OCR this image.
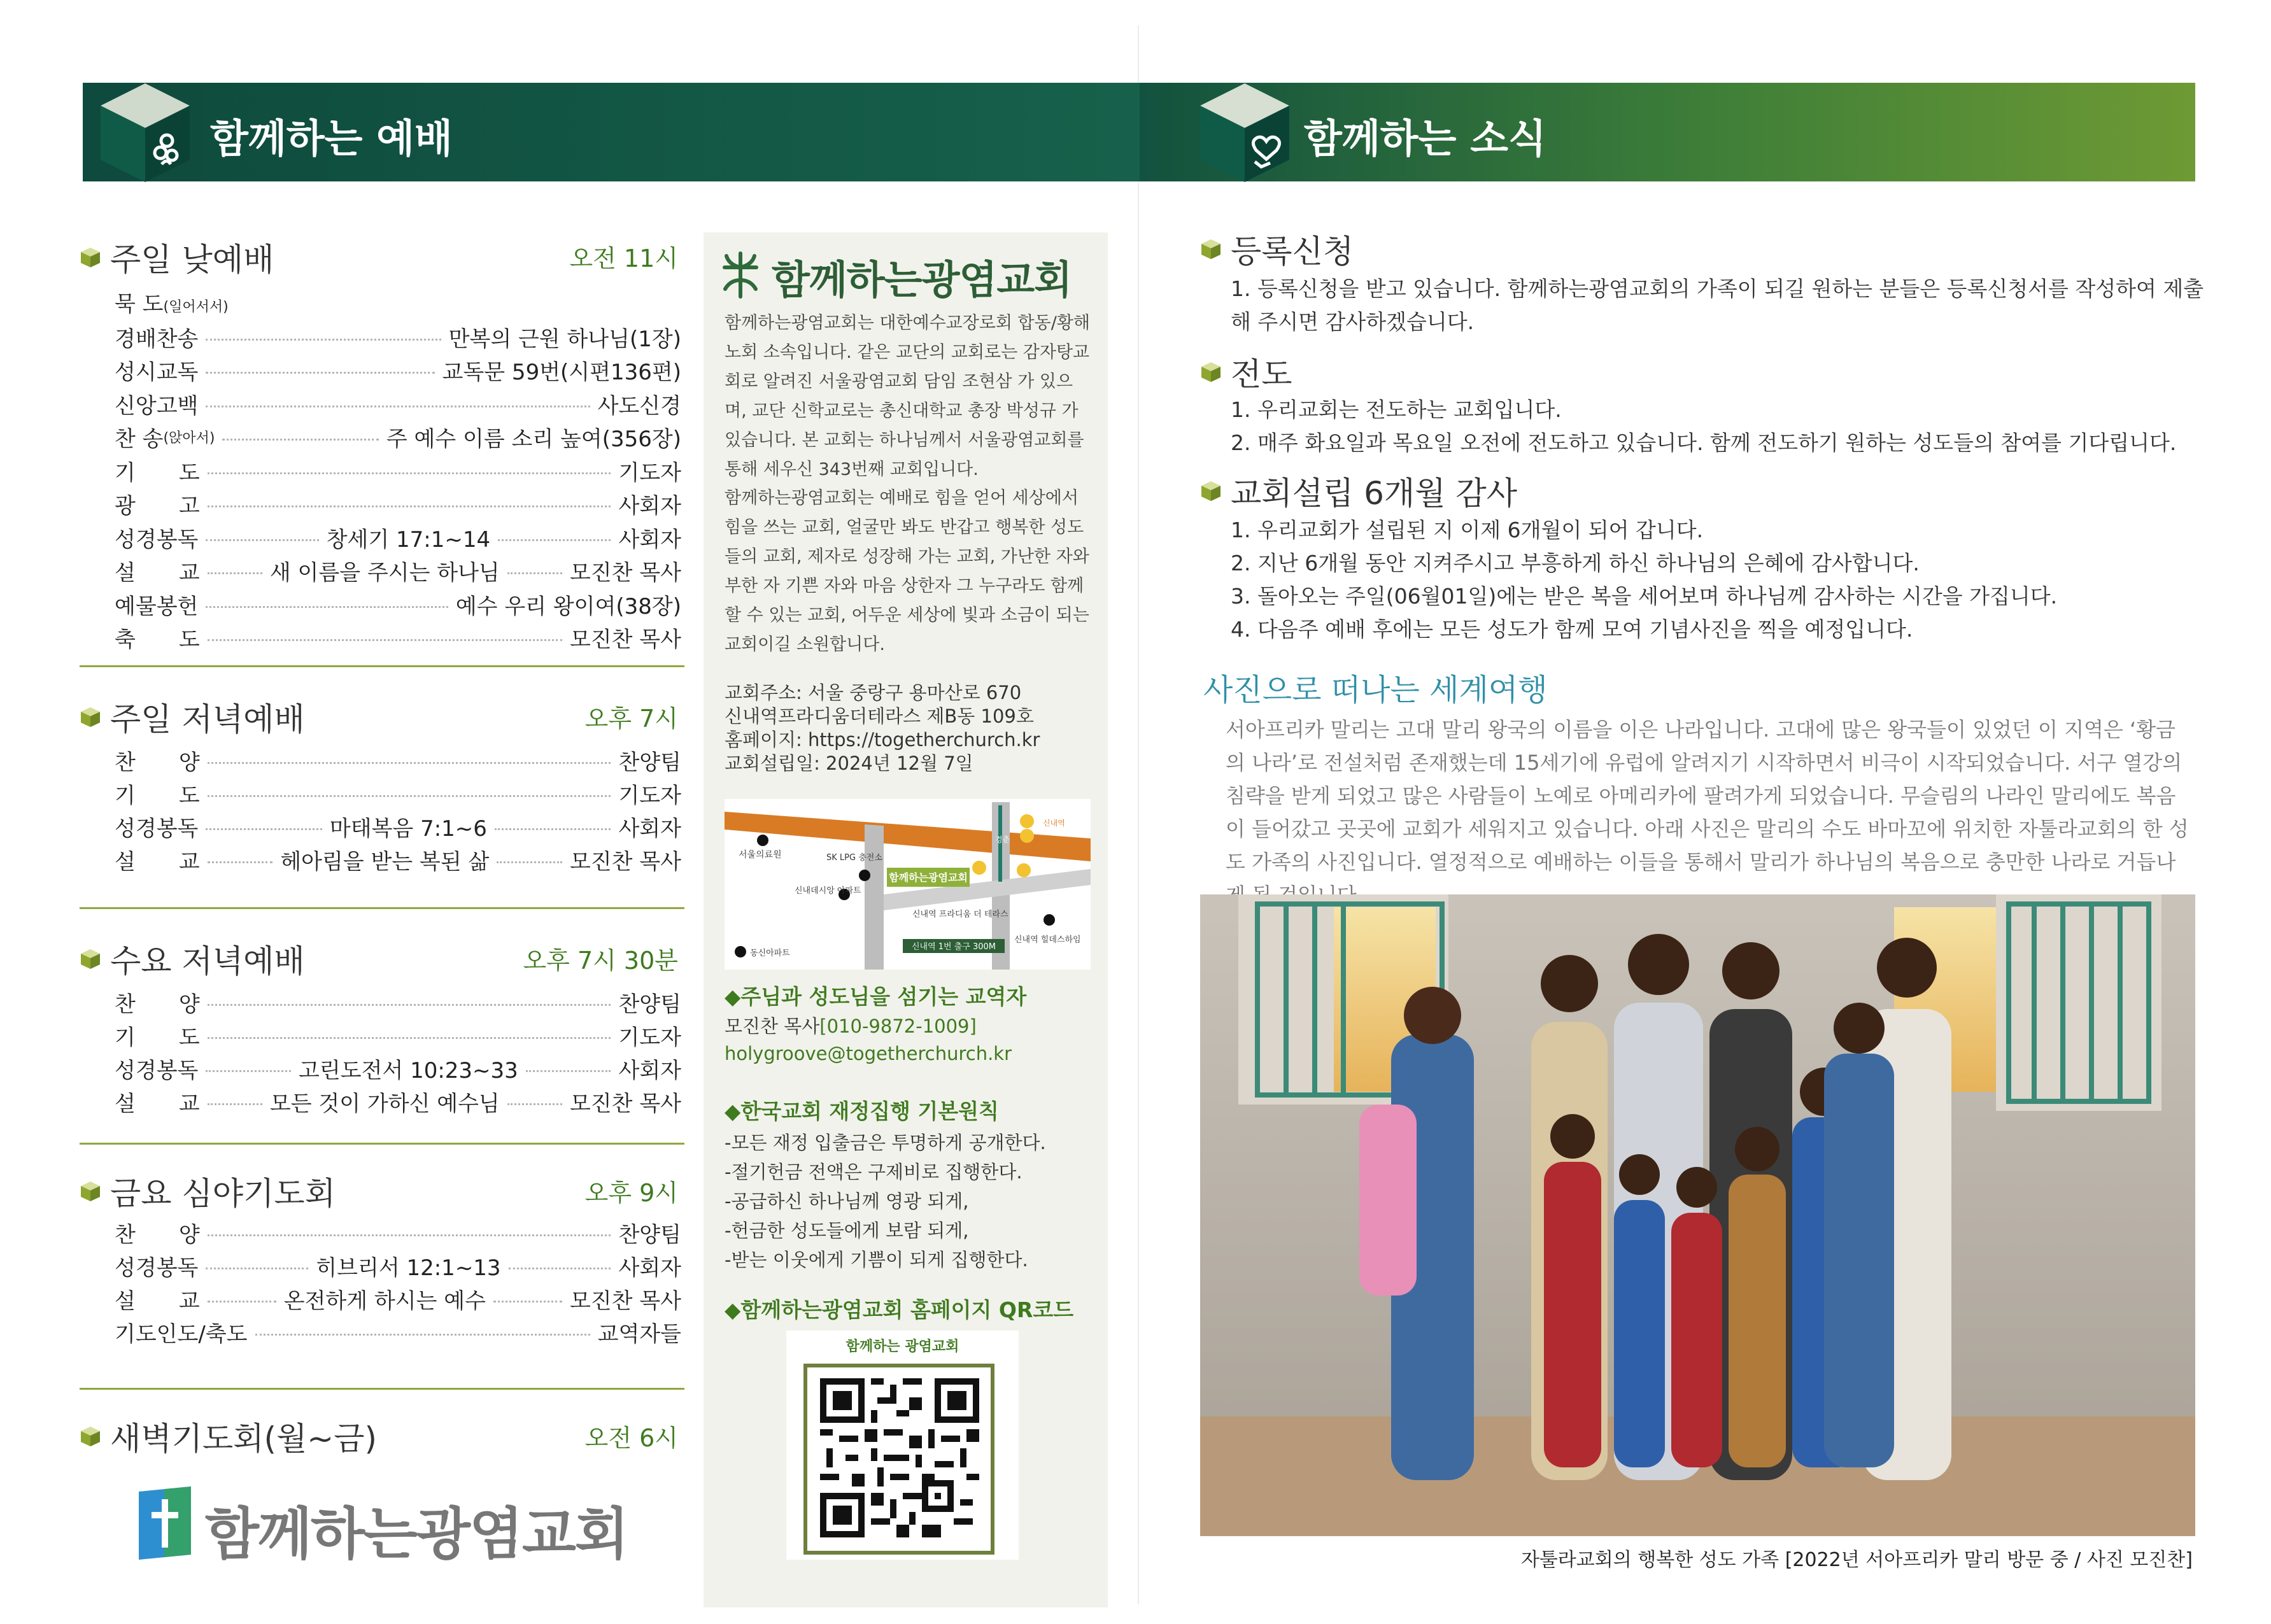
함께하는 예배	함께하는 소식
주일 낮예배	오전 11시
묵 도(일어서서)
경배찬송	만복의 근원 하나님(1장)
성시교독	교독문 59번(시편136편)
신앙고백	사도신경
찬 송 (앉아서)	주 예수 이름 소리 높여(356장)
기　　도	기도자
광　　고	사회자
성경봉독	창세기 17:1~14	사회자
설　　교	새 이름을 주시는 하나님	모진찬 목사
예물봉헌	예수 우리 왕이여(38장)
축　　도	모진찬 목사
주일 저녁예배	오후 7시
찬　　양	찬양팀
기　　도	기도자
성경봉독	마태복음 7:1~6	사회자
설　　교	헤아림을 받는 복된 삶	모진찬 목사
수요 저녁예배	오후 7시 30분
찬　　양	찬양팀
기　　도	기도자
성경봉독	고린도전서 10:23~33	사회자
설　　교	모든 것이 가하신 예수님	모진찬 목사
금요 심야기도회	오후 9시
찬　　양	찬양팀
성경봉독	히브리서 12:1~13	사회자
설　　교	온전하게 하시는 예수	모진찬 목사
기도인도/축도	교역자들
새벽기도회(월~금)	오전 6시
함께하는광염교회
함께하는광염교회
함께하는광염교회는 대한예수교장로회 합동/황해노회 소속입니다. 같은 교단의 교회로는 감자탕교회로 알려진 서울광염교회 담임 조현삼 가 있으며, 교단 신학교로는 총신대학교 총장 박성규 가 있습니다. 본 교회는 하나님께서 서울광염교회를 통해 세우신 343번째 교회입니다.
함께하는광염교회는 예배로 힘을 얻어 세상에서 힘을 쓰는 교회, 얼굴만 봐도 반갑고 행복한 성도들의 교회, 제자로 성장해 가는 교회, 가난한 자와 부한 자 기쁜 자와 마음 상한자 그 누구라도 함께 할 수 있는 교회, 어두운 세상에 빛과 소금이 되는 교회이길 소원합니다.
교회주소: 서울 중랑구 용마산로 670
신내역프라디움더테라스 제B동 109호
홈페이지: https://togetherchurch.kr
교회설립일: 2024년 12월 7일
함께하는광염교회
서울의료원	SK LPG 충전소
신내데시앙 아파트
신내역 프라디움 더 테라스
신내역 1번 출구 300M
신내역 힐데스하임
동신아파트
경춘
신내역
◆주님과 성도님을 섬기는 교역자
모진찬 목사[010-9872-1009]
holygroove@togetherchurch.kr
◆한국교회 재정집행 기본원칙
-모든 재정 입출금은 투명하게 공개한다.
-절기헌금 전액은 구제비로 집행한다.
-공급하신 하나님께 영광 되게,
-헌금한 성도들에게 보람 되게,
-받는 이웃에게 기쁨이 되게 집행한다.
◆함께하는광염교회 홈페이지 QR코드
함께하는 광염교회
등록신청
1. 등록신청을 받고 있습니다. 함께하는광염교회의 가족이 되길 원하는 분들은 등록신청서를 작성하여 제출
해 주시면 감사하겠습니다.
전도
1. 우리교회는 전도하는 교회입니다.
2. 매주 화요일과 목요일 오전에 전도하고 있습니다. 함께 전도하기 원하는 성도들의 참여를 기다립니다.
교회설립 6개월 감사
1. 우리교회가 설립된 지 이제 6개월이 되어 갑니다.
2. 지난 6개월 동안 지켜주시고 부흥하게 하신 하나님의 은혜에 감사합니다.
3. 돌아오는 주일(06월01일)에는 받은 복을 세어보며 하나님께 감사하는 시간을 가집니다.
4. 다음주 예배 후에는 모든 성도가 함께 모여 기념사진을 찍을 예정입니다.
사진으로 떠나는 세계여행
서아프리카 말리는 고대 말리 왕국의 이름을 이은 나라입니다. 고대에 많은 왕국들이 있었던 이 지역은 ‘황금의 나라’로 전설처럼 존재했는데 15세기에 유럽에 알려지기 시작하면서 비극이 시작되었습니다. 서구 열강의 침략을 받게 되었고 많은 사람들이 노예로 아메리카에 팔려가게 되었습니다. 무슬림의 나라인 말리에도 복음이 들어갔고 곳곳에 교회가 세워지고 있습니다. 아래 사진은 말리의 수도 바마꼬에 위치한 자툴라교회의 한 성도 가족의 사진입니다. 열정적으로 예배하는 이들을 통해서 말리가 하나님의 복음으로 충만한 나라로 거듭나
자툴라교회의 행복한 성도 가족 [2022년 서아프리카 말리 방문 중 / 사진 모진찬]
